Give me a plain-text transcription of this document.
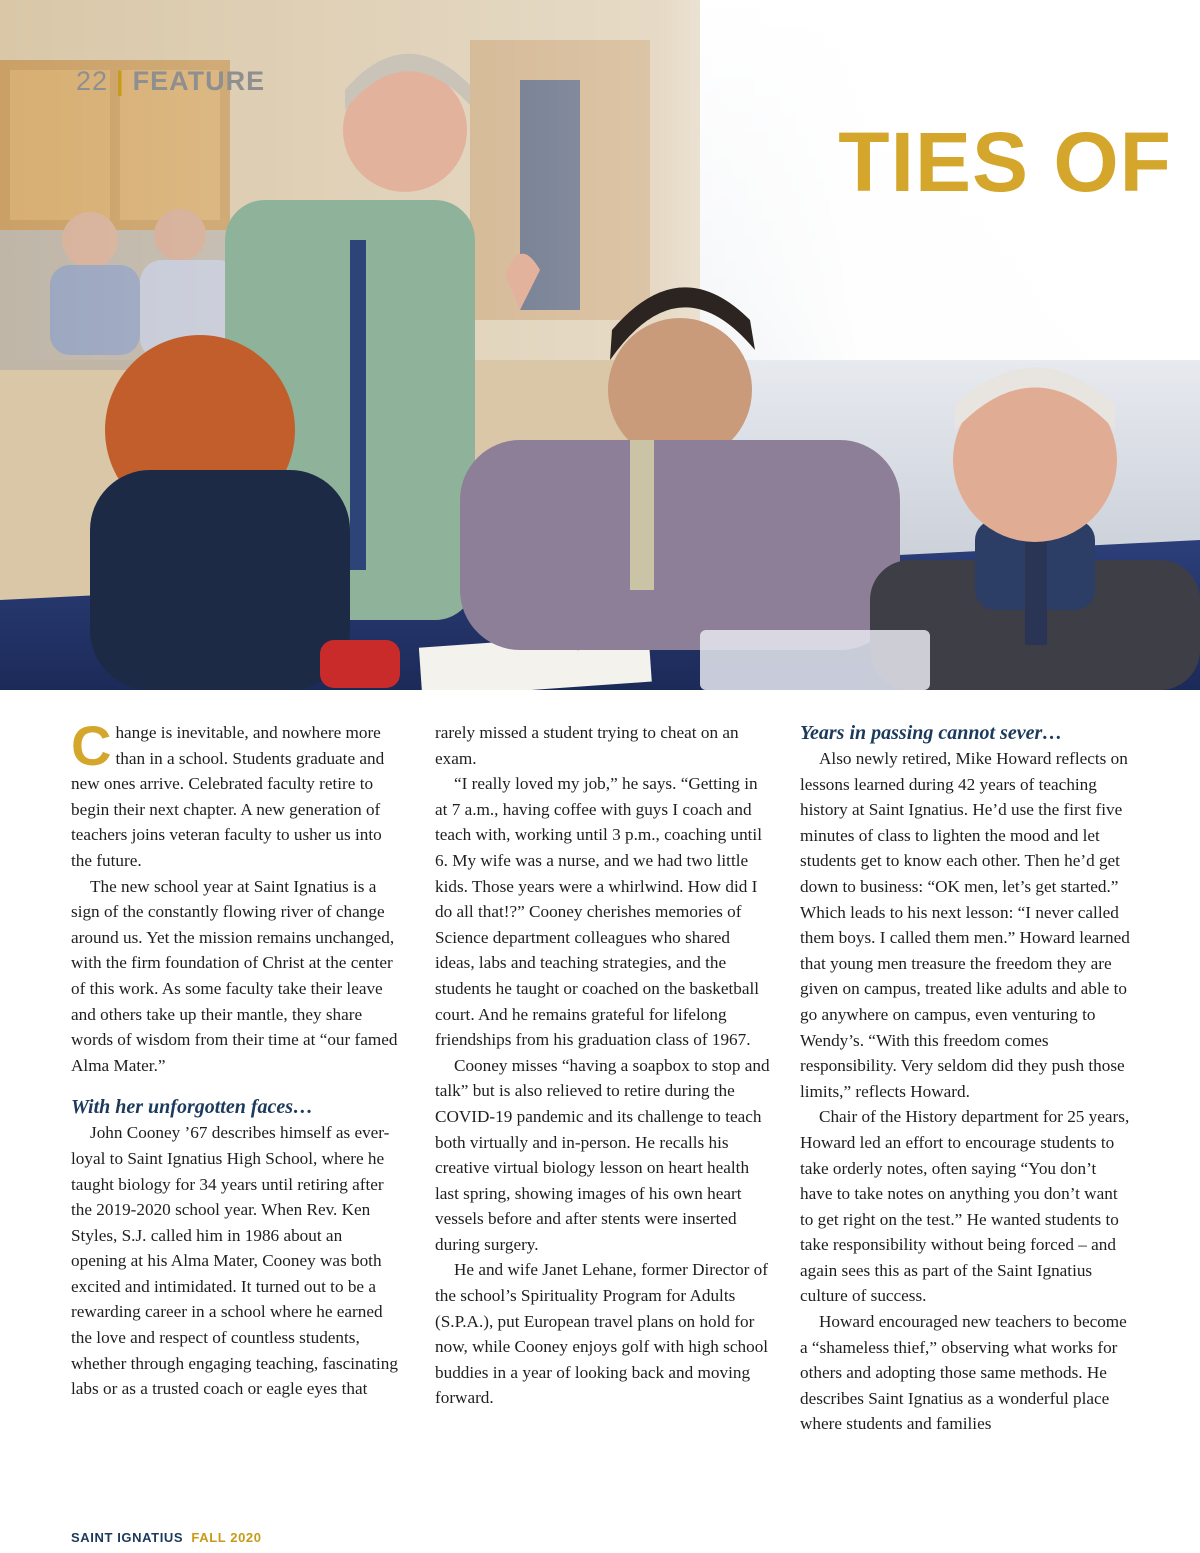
22 | FEATURE
TIES OF

Change is inevitable, and nowhere more than in a school. Students graduate and new ones arrive. Celebrated faculty retire to begin their next chapter. A new generation of teachers joins veteran faculty to usher us into the future.

The new school year at Saint Ignatius is a sign of the constantly flowing river of change around us. Yet the mission remains unchanged, with the firm foundation of Christ at the center of this work. As some faculty take their leave and others take up their mantle, they share words of wisdom from their time at “our famed Alma Mater.”

With her unforgotten faces…

John Cooney ’67 describes himself as ever-loyal to Saint Ignatius High School, where he taught biology for 34 years until retiring after the 2019-2020 school year. When Rev. Ken Styles, S.J. called him in 1986 about an opening at his Alma Mater, Cooney was both excited and intimidated. It turned out to be a rewarding career in a school where he earned the love and respect of countless students, whether through engaging teaching, fascinating labs or as a trusted coach or eagle eyes that

rarely missed a student trying to cheat on an exam.

“I really loved my job,” he says. “Getting in at 7 a.m., having coffee with guys I coach and teach with, working until 3 p.m., coaching until 6. My wife was a nurse, and we had two little kids. Those years were a whirlwind. How did I do all that!?” Cooney cherishes memories of Science department colleagues who shared ideas, labs and teaching strategies, and the students he taught or coached on the basketball court. And he remains grateful for lifelong friendships from his graduation class of 1967.

Cooney misses “having a soapbox to stop and talk” but is also relieved to retire during the COVID-19 pandemic and its challenge to teach both virtually and in-person. He recalls his creative virtual biology lesson on heart health last spring, showing images of his own heart vessels before and after stents were inserted during surgery.

He and wife Janet Lehane, former Director of the school’s Spirituality Program for Adults (S.P.A.), put European travel plans on hold for now, while Cooney enjoys golf with high school buddies in a year of looking back and moving forward.

Years in passing cannot sever…

Also newly retired, Mike Howard reflects on lessons learned during 42 years of teaching history at Saint Ignatius. He’d use the first five minutes of class to lighten the mood and let students get to know each other. Then he’d get down to business: “OK men, let’s get started.” Which leads to his next lesson: “I never called them boys. I called them men.” Howard learned that young men treasure the freedom they are given on campus, treated like adults and able to go anywhere on campus, even venturing to Wendy’s. “With this freedom comes responsibility. Very seldom did they push those limits,” reflects Howard.

Chair of the History department for 25 years, Howard led an effort to encourage students to take orderly notes, often saying “You don’t have to take notes on anything you don’t want to get right on the test.” He wanted students to take responsibility without being forced – and again sees this as part of the Saint Ignatius culture of success.

Howard encouraged new teachers to become a “shameless thief,” observing what works for others and adopting those same methods. He describes Saint Ignatius as a wonderful place where students and families

SAINT IGNATIUS FALL 2020
